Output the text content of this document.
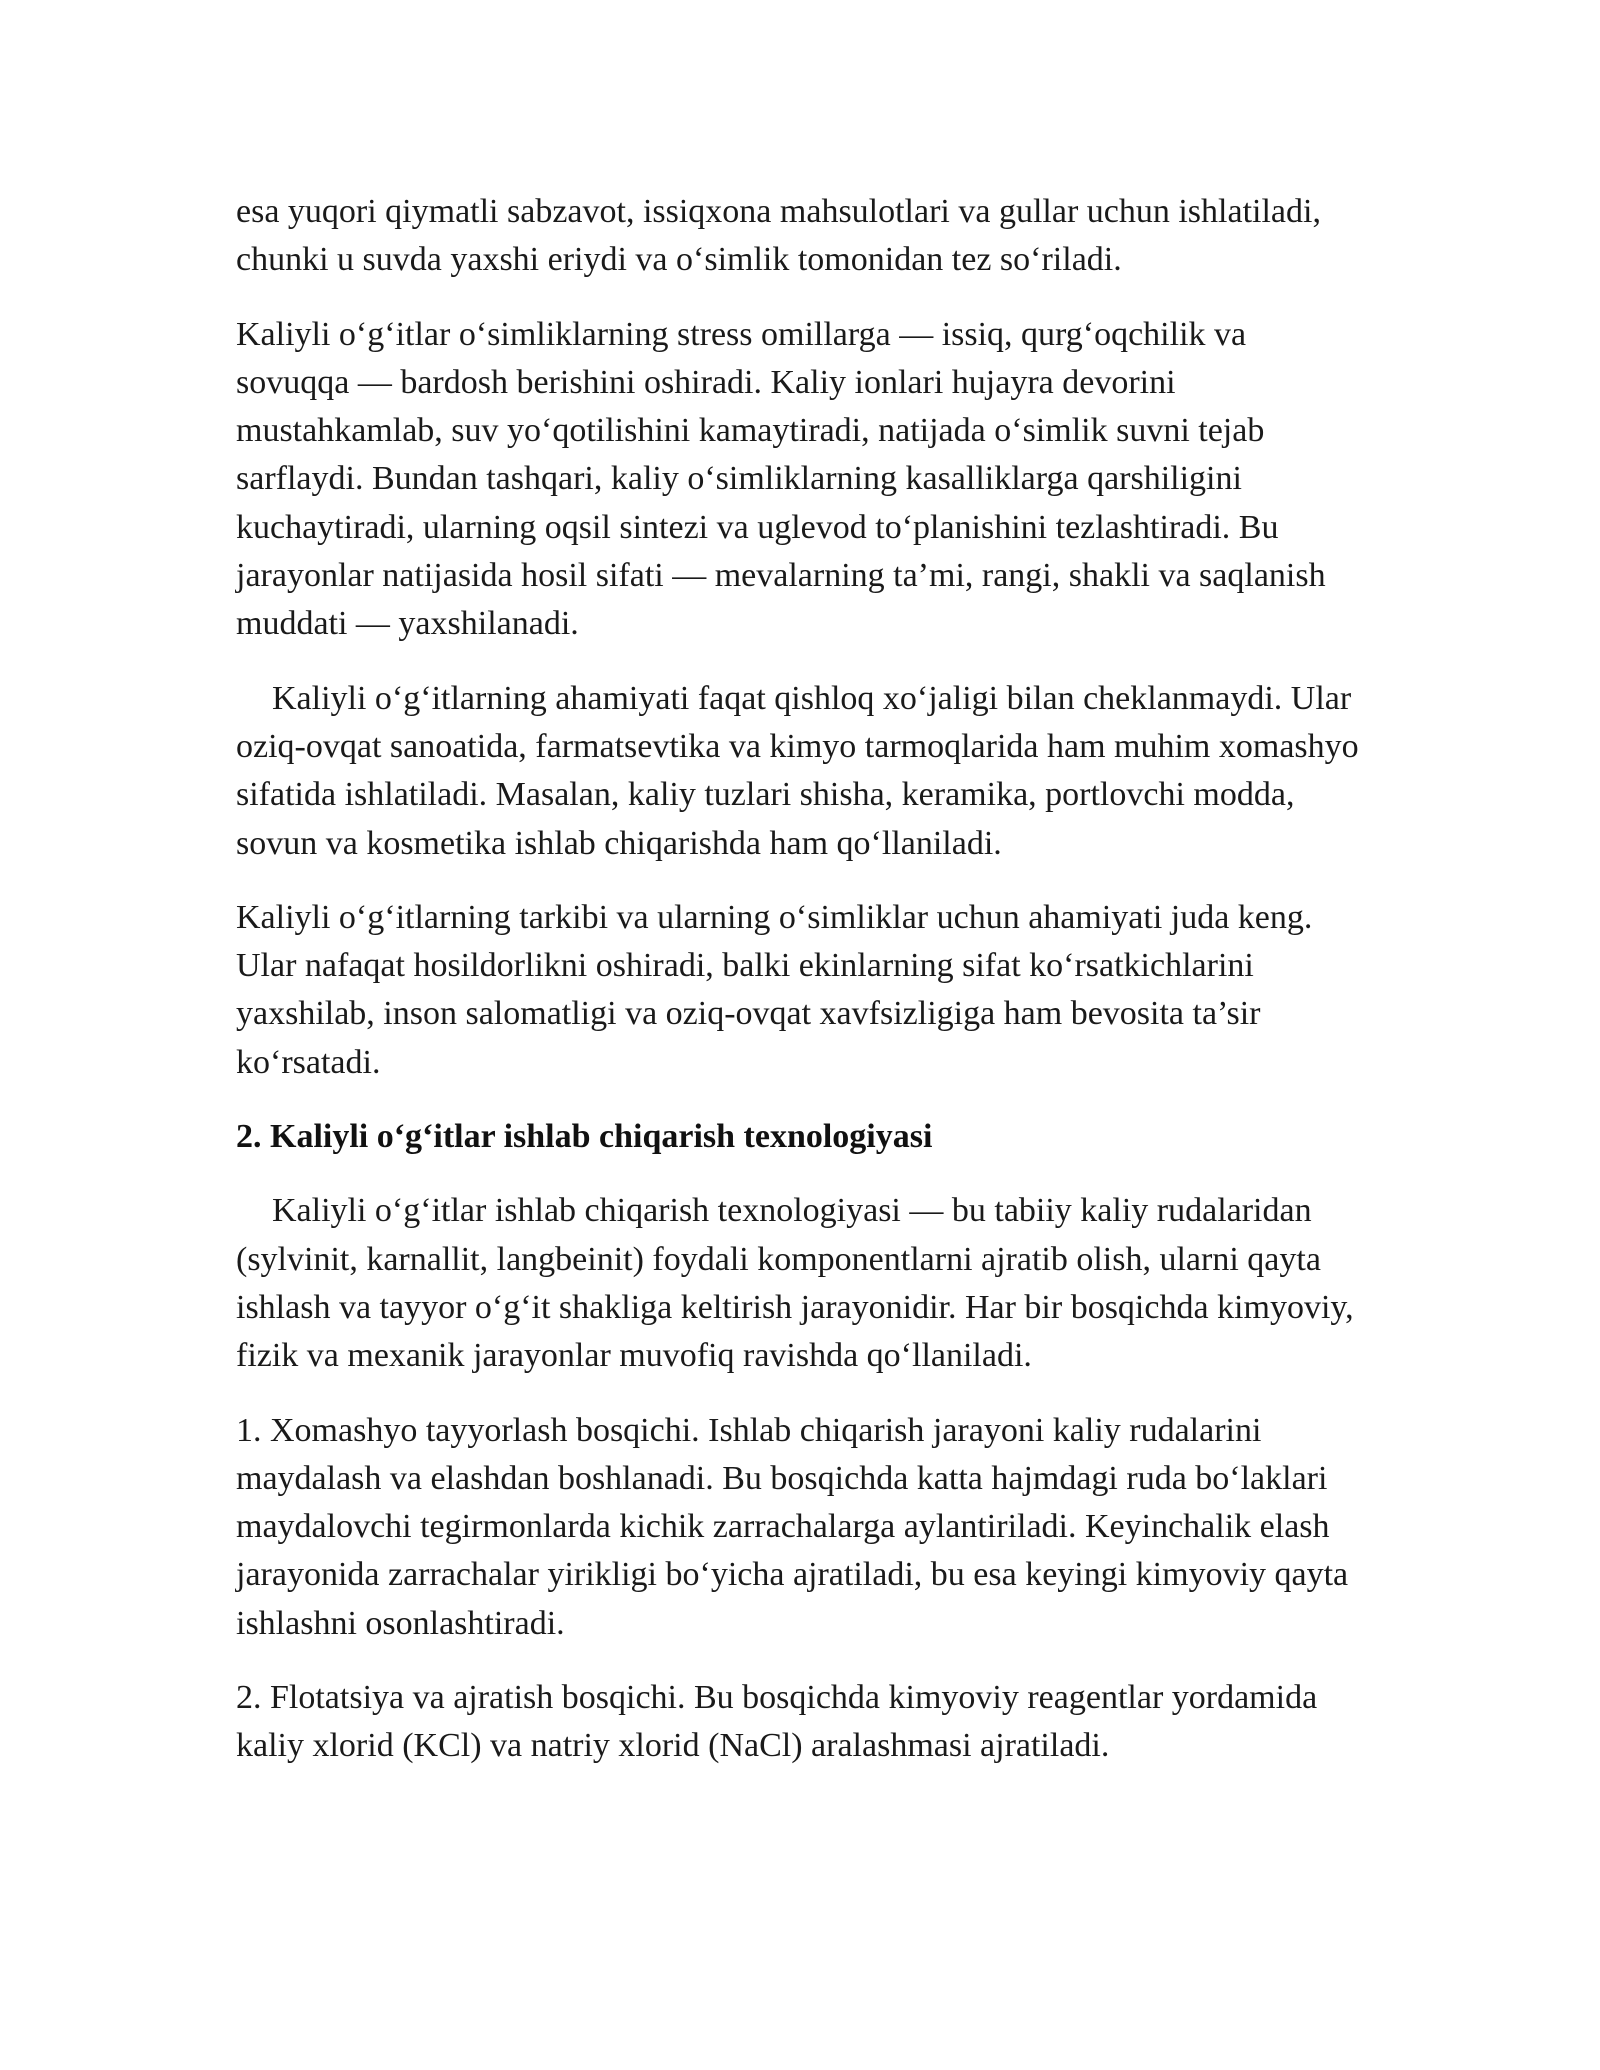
esa yuqori qiymatli sabzavot, issiqxona mahsulotlari va gullar uchun ishlatiladi, chunki u suvda yaxshi eriydi va o‘simlik tomonidan tez so‘riladi.

Kaliyli o‘g‘itlar o‘simliklarning stress omillarga — issiq, qurg‘oqchilik va sovuqqa — bardosh berishini oshiradi. Kaliy ionlari hujayra devorini mustahkamlab, suv yo‘qotilishini kamaytiradi, natijada o‘simlik suvni tejab sarflaydi. Bundan tashqari, kaliy o‘simliklarning kasalliklarga qarshiligini kuchaytiradi, ularning oqsil sintezi va uglevod to‘planishini tezlashtiradi. Bu jarayonlar natijasida hosil sifati — mevalarning ta’mi, rangi, shakli va saqlanish muddati — yaxshilanadi.

Kaliyli o‘g‘itlarning ahamiyati faqat qishloq xo‘jaligi bilan cheklanmaydi. Ular oziq-ovqat sanoatida, farmatsevtika va kimyo tarmoqlarida ham muhim xomashyo sifatida ishlatiladi. Masalan, kaliy tuzlari shisha, keramika, portlovchi modda, sovun va kosmetika ishlab chiqarishda ham qo‘llaniladi.

Kaliyli o‘g‘itlarning tarkibi va ularning o‘simliklar uchun ahamiyati juda keng. Ular nafaqat hosildorlikni oshiradi, balki ekinlarning sifat ko‘rsatkichlarini yaxshilab, inson salomatligi va oziq-ovqat xavfsizligiga ham bevosita ta’sir ko‘rsatadi.

2. Kaliyli o‘g‘itlar ishlab chiqarish texnologiyasi

Kaliyli o‘g‘itlar ishlab chiqarish texnologiyasi — bu tabiiy kaliy rudalaridan (sylvinit, karnallit, langbeinit) foydali komponentlarni ajratib olish, ularni qayta ishlash va tayyor o‘g‘it shakliga keltirish jarayonidir. Har bir bosqichda kimyoviy, fizik va mexanik jarayonlar muvofiq ravishda qo‘llaniladi.

1. Xomashyo tayyorlash bosqichi. Ishlab chiqarish jarayoni kaliy rudalarini maydalash va elashdan boshlanadi. Bu bosqichda katta hajmdagi ruda bo‘laklari maydalovchi tegirmonlarda kichik zarrachalarga aylantiriladi. Keyinchalik elash jarayonida zarrachalar yirikligi bo‘yicha ajratiladi, bu esa keyingi kimyoviy qayta ishlashni osonlashtiradi.

2. Flotatsiya va ajratish bosqichi. Bu bosqichda kimyoviy reagentlar yordamida kaliy xlorid (KCl) va natriy xlorid (NaCl) aralashmasi ajratiladi.
